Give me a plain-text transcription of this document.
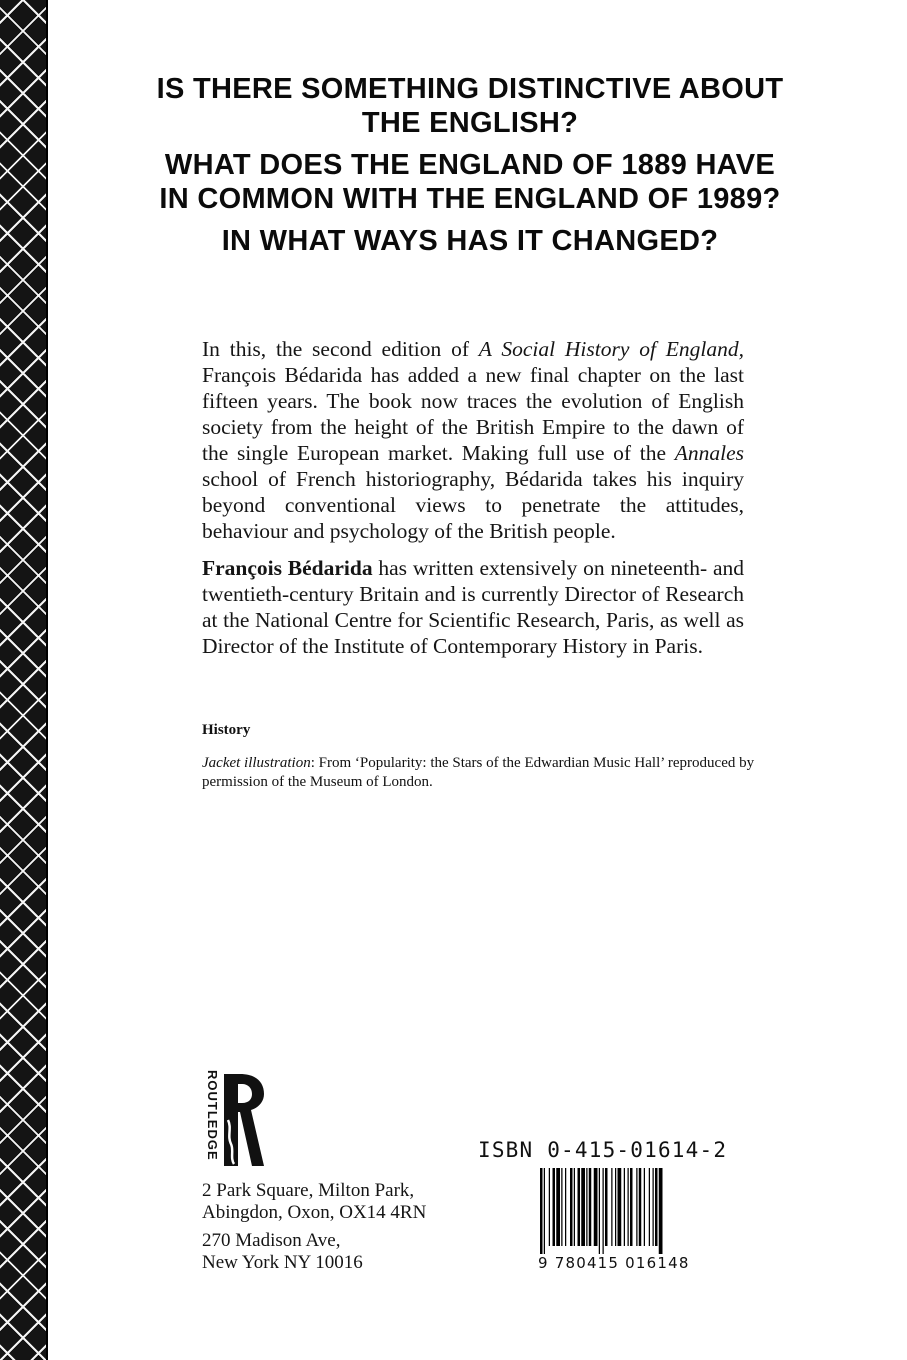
IS THERE SOMETHING DISTINCTIVE ABOUT THE ENGLISH?
WHAT DOES THE ENGLAND OF 1889 HAVE IN COMMON WITH THE ENGLAND OF 1989?
IN WHAT WAYS HAS IT CHANGED?

In this, the second edition of A Social History of England, François Bédarida has added a new final chapter on the last fifteen years. The book now traces the evolution of English society from the height of the British Empire to the dawn of the single European market. Making full use of the Annales school of French historiography, Bédarida takes his inquiry beyond conventional views to penetrate the attitudes, behaviour and psychology of the British people.

François Bédarida has written extensively on nineteenth- and twentieth-century Britain and is currently Director of Research at the National Centre for Scientific Research, Paris, as well as Director of the Institute of Contemporary History in Paris.

History
Jacket illustration: From ‘Popularity: the Stars of the Edwardian Music Hall’ reproduced by permission of the Museum of London.
ROUTLEDGE
2 Park Square, Milton Park,
Abingdon, Oxon, OX14 4RN
270 Madison Ave,
New York NY 10016
ISBN 0-415-01614-2
9 780415 016148
